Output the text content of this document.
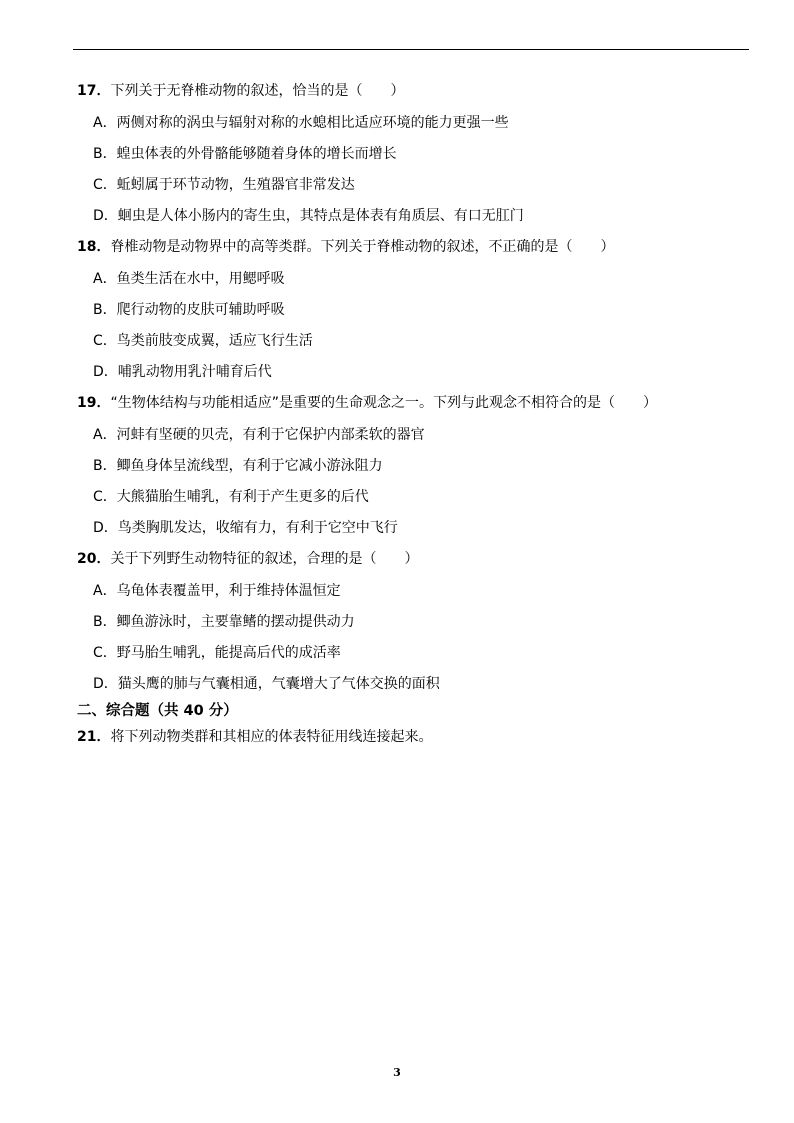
17．下列关于无脊椎动物的叙述，恰当的是（　　）
A．两侧对称的涡虫与辐射对称的水螅相比适应环境的能力更强一些
B．蝗虫体表的外骨骼能够随着身体的增长而增长
C．蚯蚓属于环节动物，生殖器官非常发达
D．蛔虫是人体小肠内的寄生虫，其特点是体表有角质层、有口无肛门
18．脊椎动物是动物界中的高等类群。下列关于脊椎动物的叙述，不正确的是（　　）
A．鱼类生活在水中，用鳃呼吸
B．爬行动物的皮肤可辅助呼吸
C．鸟类前肢变成翼，适应飞行生活
D．哺乳动物用乳汁哺育后代
19．“生物体结构与功能相适应”是重要的生命观念之一。下列与此观念不相符合的是（　　）
A．河蚌有坚硬的贝壳，有利于它保护内部柔软的器官
B．鲫鱼身体呈流线型，有利于它减小游泳阻力
C．大熊猫胎生哺乳，有利于产生更多的后代
D．鸟类胸肌发达，收缩有力，有利于它空中飞行
20．关于下列野生动物特征的叙述，合理的是（　　）
A．乌龟体表覆盖甲，利于维持体温恒定
B．鲫鱼游泳时，主要靠鳍的摆动提供动力
C．野马胎生哺乳，能提高后代的成活率
D．猫头鹰的肺与气囊相通，气囊增大了气体交换的面积
二、综合题（共 40 分）
21．将下列动物类群和其相应的体表特征用线连接起来。
3
